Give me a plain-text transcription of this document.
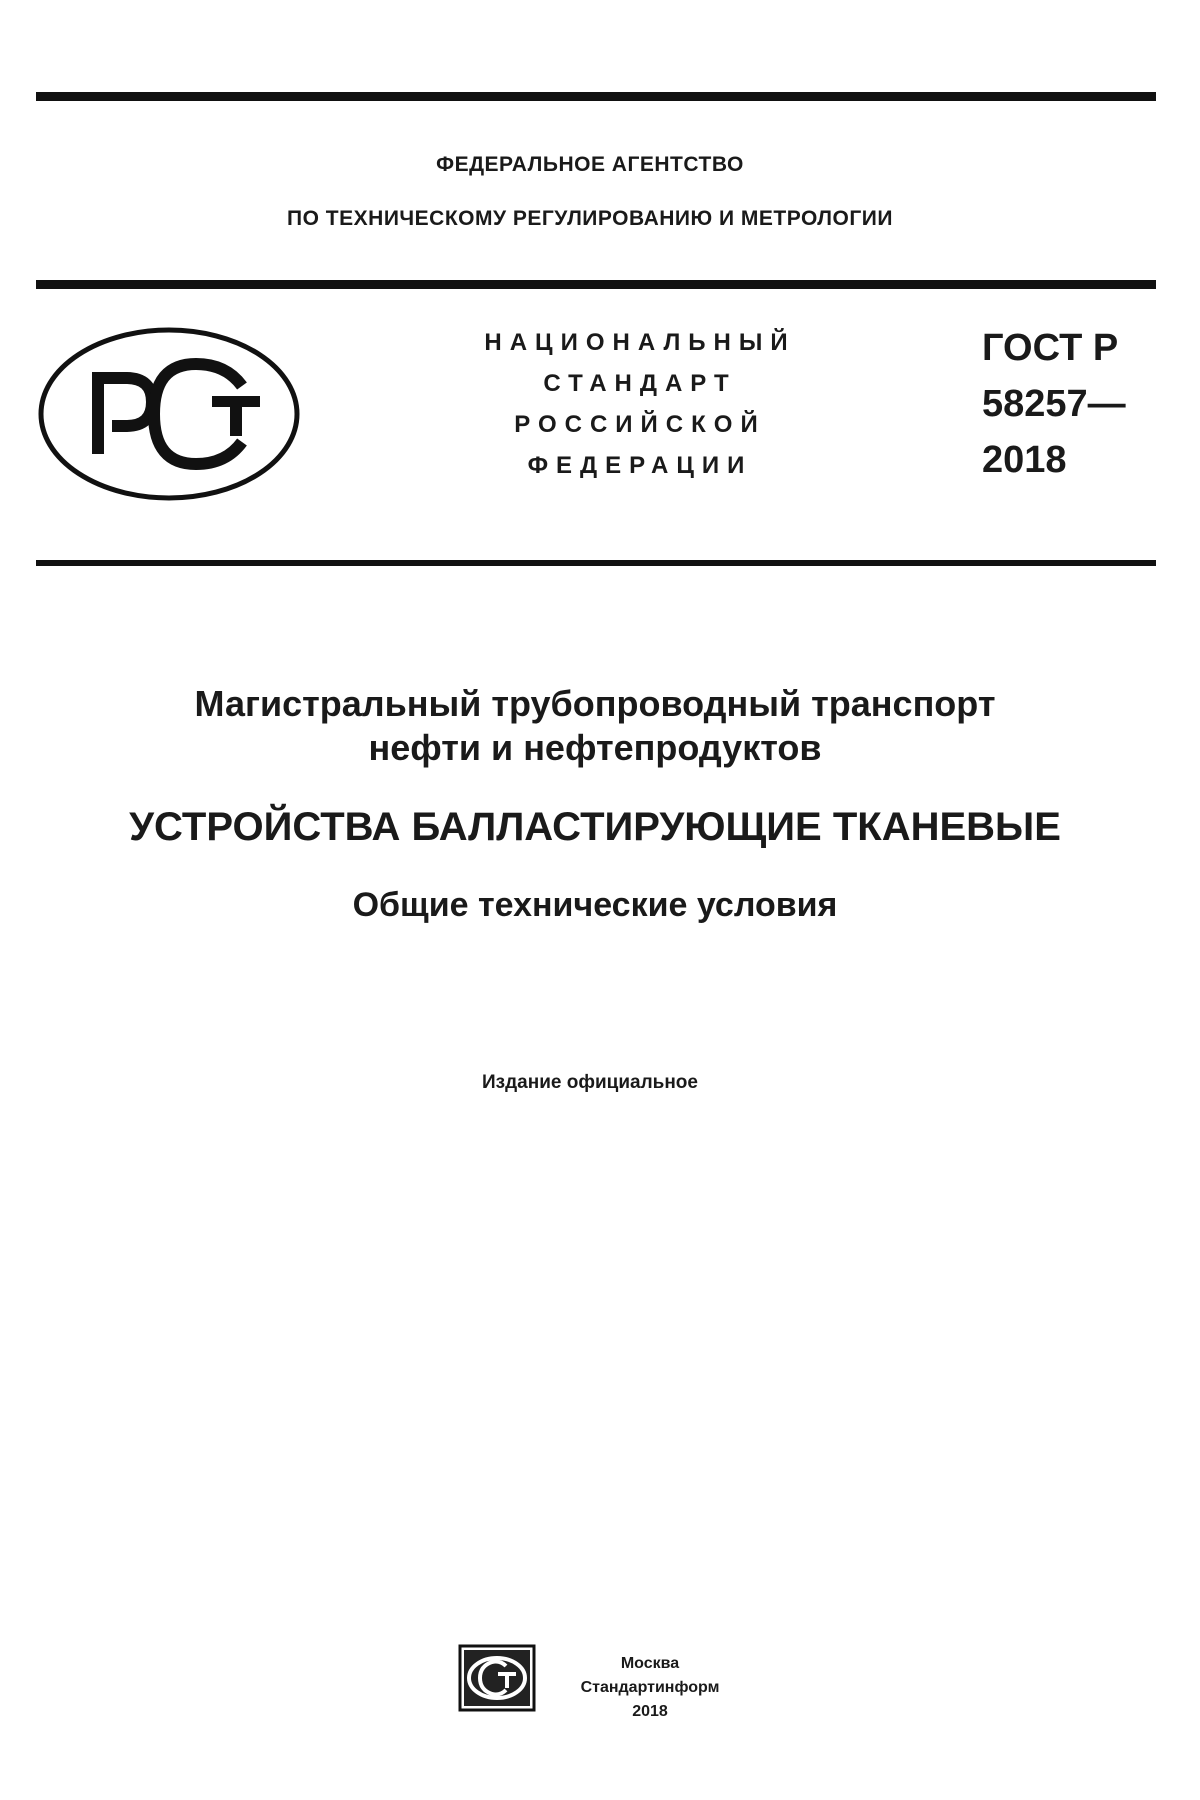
ФЕДЕРАЛЬНОЕ АГЕНТСТВО
ПО ТЕХНИЧЕСКОМУ РЕГУЛИРОВАНИЮ И МЕТРОЛОГИИ
НАЦИОНАЛЬНЫЙ
СТАНДАРТ
РОССИЙСКОЙ
ФЕДЕРАЦИИ
ГОСТ Р
58257—
2018
Магистральный трубопроводный транспорт
нефти и нефтепродуктов
УСТРОЙСТВА БАЛЛАСТИРУЮЩИЕ ТКАНЕВЫЕ
Общие технические условия
Издание официальное
Москва
Стандартинформ
2018
